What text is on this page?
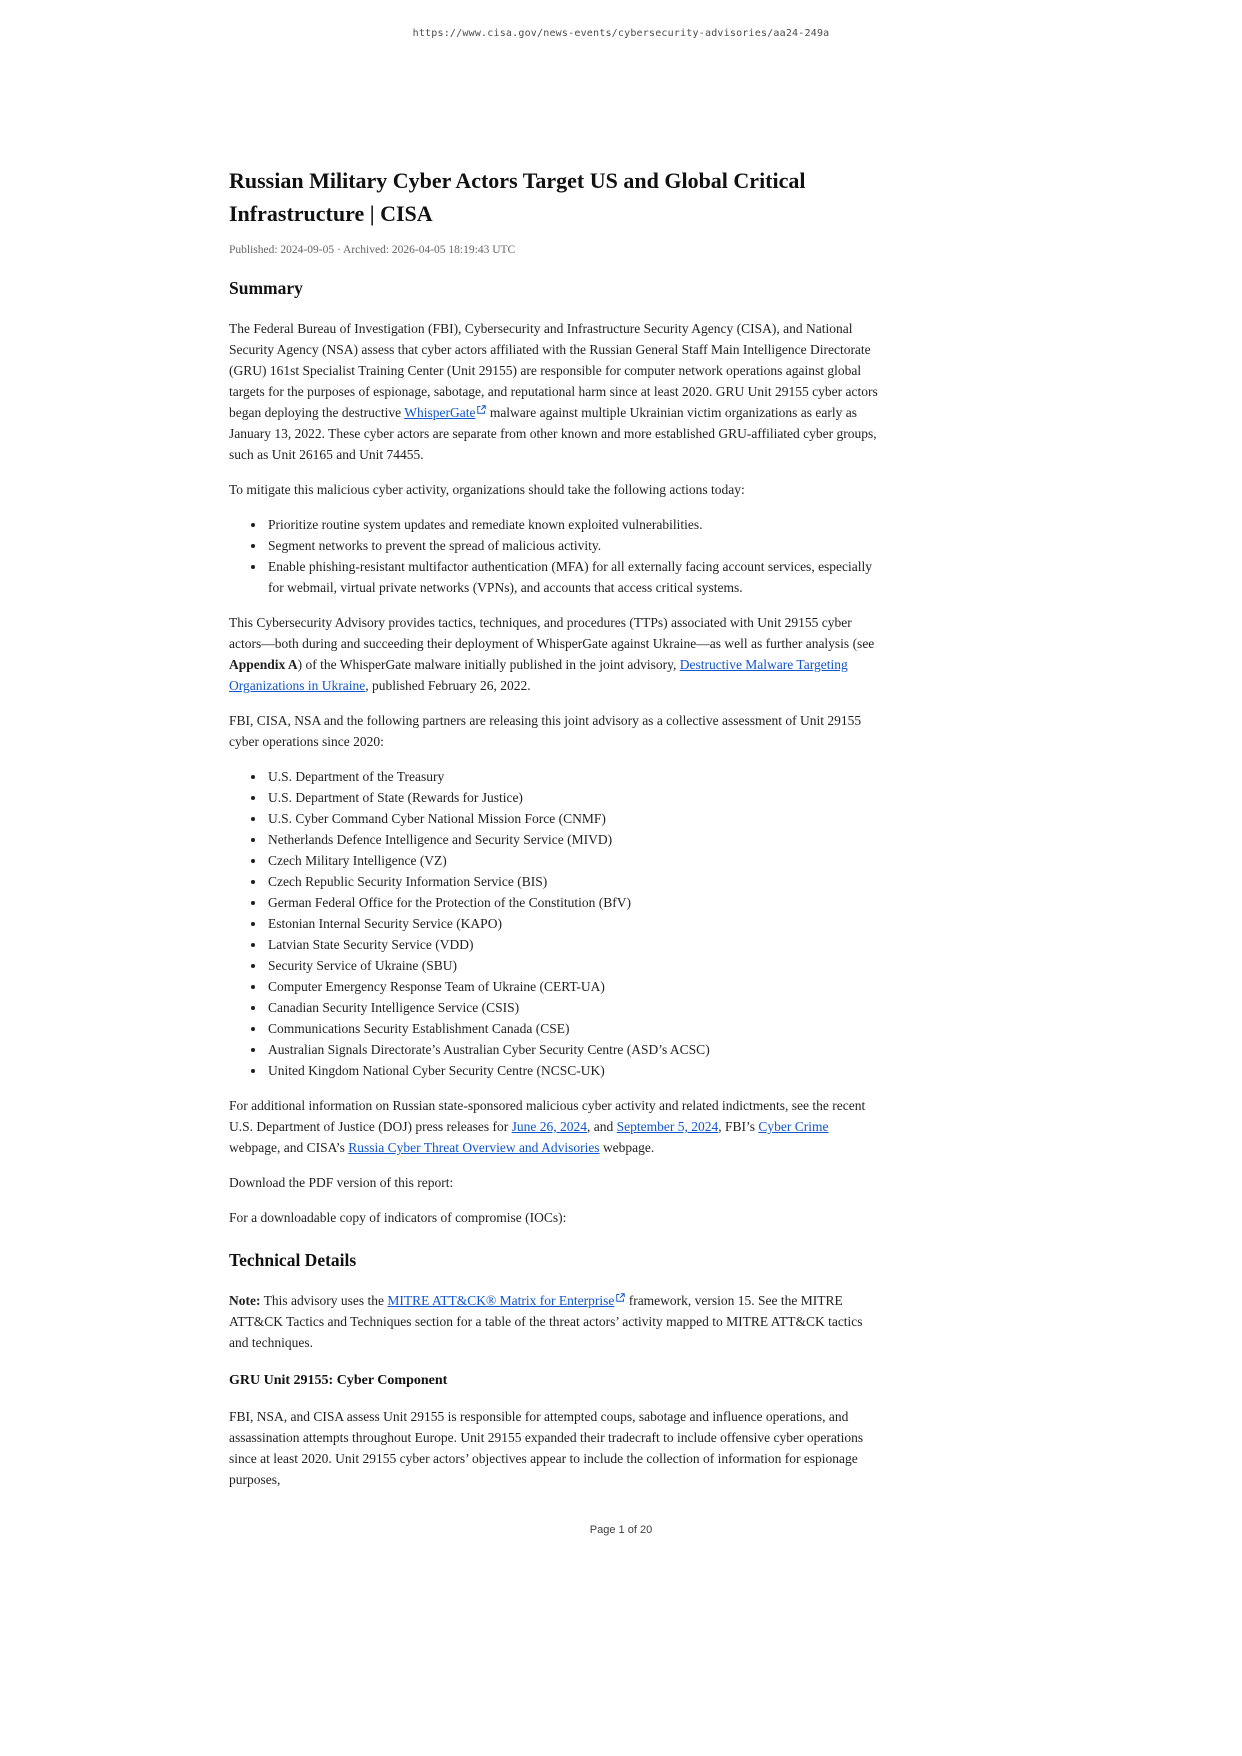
https://www.cisa.gov/news-events/cybersecurity-advisories/aa24-249a
Russian Military Cyber Actors Target US and Global Critical Infrastructure | CISA

Published: 2024-09-05 · Archived: 2026-04-05 18:19:43 UTC

Summary

The Federal Bureau of Investigation (FBI), Cybersecurity and Infrastructure Security Agency (CISA), and National Security Agency (NSA) assess that cyber actors affiliated with the Russian General Staff Main Intelligence Directorate (GRU) 161st Specialist Training Center (Unit 29155) are responsible for computer network operations against global targets for the purposes of espionage, sabotage, and reputational harm since at least 2020. GRU Unit 29155 cyber actors began deploying the destructive WhisperGate malware against multiple Ukrainian victim organizations as early as January 13, 2022. These cyber actors are separate from other known and more established GRU-affiliated cyber groups, such as Unit 26165 and Unit 74455.

To mitigate this malicious cyber activity, organizations should take the following actions today:

• Prioritize routine system updates and remediate known exploited vulnerabilities.
• Segment networks to prevent the spread of malicious activity.
• Enable phishing-resistant multifactor authentication (MFA) for all externally facing account services, especially for webmail, virtual private networks (VPNs), and accounts that access critical systems.

This Cybersecurity Advisory provides tactics, techniques, and procedures (TTPs) associated with Unit 29155 cyber actors—both during and succeeding their deployment of WhisperGate against Ukraine—as well as further analysis (see Appendix A) of the WhisperGate malware initially published in the joint advisory, Destructive Malware Targeting Organizations in Ukraine, published February 26, 2022.

FBI, CISA, NSA and the following partners are releasing this joint advisory as a collective assessment of Unit 29155 cyber operations since 2020:

• U.S. Department of the Treasury
• U.S. Department of State (Rewards for Justice)
• U.S. Cyber Command Cyber National Mission Force (CNMF)
• Netherlands Defence Intelligence and Security Service (MIVD)
• Czech Military Intelligence (VZ)
• Czech Republic Security Information Service (BIS)
• German Federal Office for the Protection of the Constitution (BfV)
• Estonian Internal Security Service (KAPO)
• Latvian State Security Service (VDD)
• Security Service of Ukraine (SBU)
• Computer Emergency Response Team of Ukraine (CERT-UA)
• Canadian Security Intelligence Service (CSIS)
• Communications Security Establishment Canada (CSE)
• Australian Signals Directorate’s Australian Cyber Security Centre (ASD’s ACSC)
• United Kingdom National Cyber Security Centre (NCSC-UK)

For additional information on Russian state-sponsored malicious cyber activity and related indictments, see the recent U.S. Department of Justice (DOJ) press releases for June 26, 2024, and September 5, 2024, FBI’s Cyber Crime webpage, and CISA’s Russia Cyber Threat Overview and Advisories webpage.

Download the PDF version of this report:

For a downloadable copy of indicators of compromise (IOCs):

Technical Details

Note: This advisory uses the MITRE ATT&CK® Matrix for Enterprise framework, version 15. See the MITRE ATT&CK Tactics and Techniques section for a table of the threat actors’ activity mapped to MITRE ATT&CK tactics and techniques.

GRU Unit 29155: Cyber Component

FBI, NSA, and CISA assess Unit 29155 is responsible for attempted coups, sabotage and influence operations, and assassination attempts throughout Europe. Unit 29155 expanded their tradecraft to include offensive cyber operations since at least 2020. Unit 29155 cyber actors’ objectives appear to include the collection of information for espionage purposes,

Page 1 of 20
